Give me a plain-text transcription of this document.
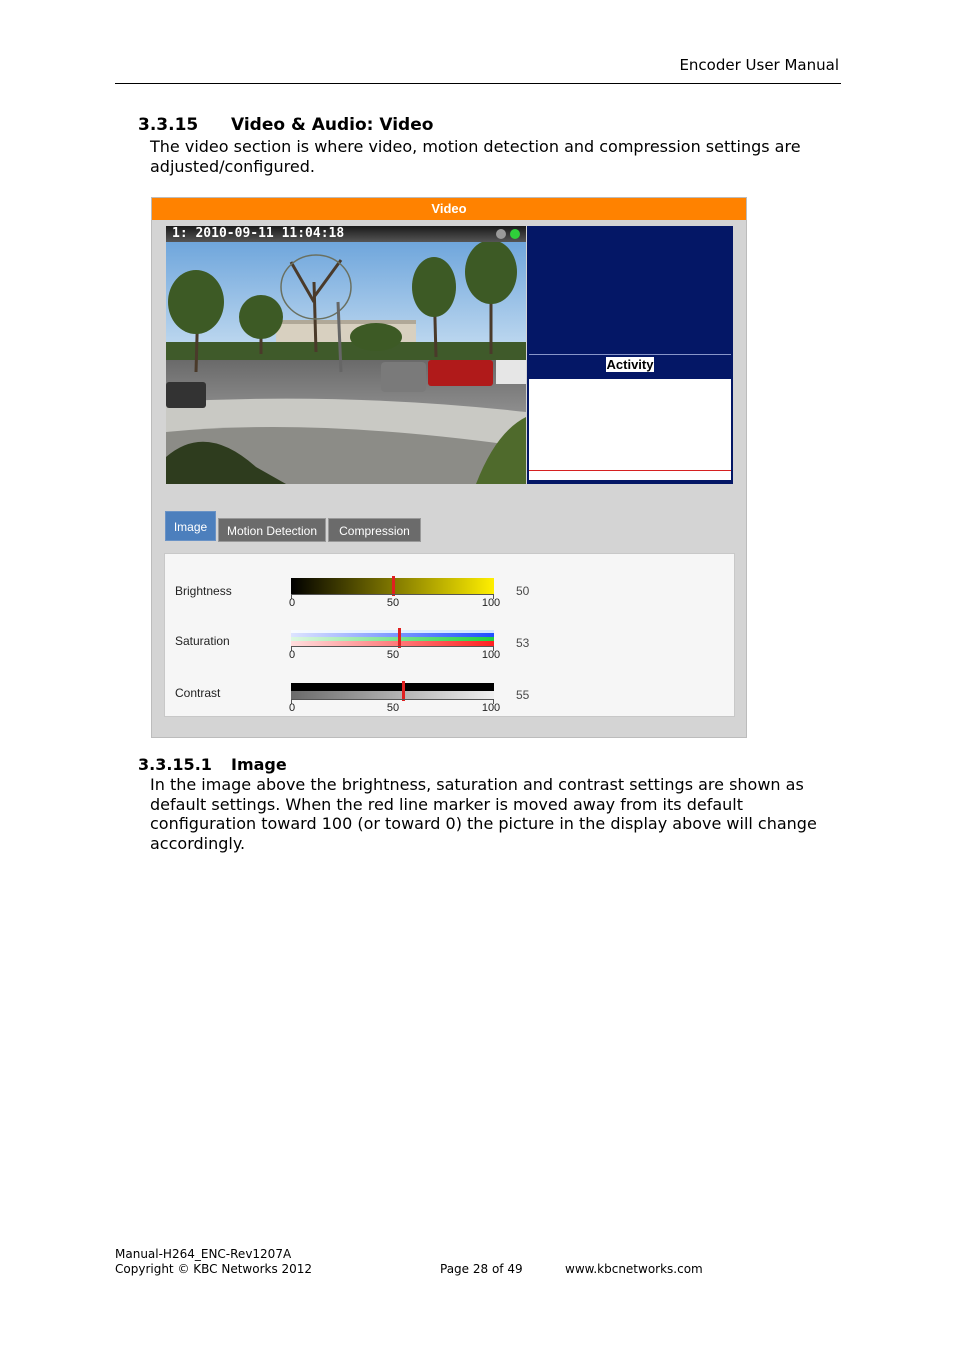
Encoder User Manual
3.3.15 Video & Audio: Video
The video section is where video, motion detection and compression settings are adjusted/configured.
Video
1: 2010-09-11 11:04:18
Activity
Image	Motion Detection	Compression
Brightness
0	50	100
50
Saturation
0	50	100
53
Contrast
0	50	100
55
3.3.15.1 Image
In the image above the brightness, saturation and contrast settings are shown as default settings. When the red line marker is moved away from its default configuration toward 100 (or toward 0) the picture in the display above will change accordingly.
Manual-H264_ENC-Rev1207A
Copyright © KBC Networks 2012	Page 28 of 49	www.kbcnetworks.com
